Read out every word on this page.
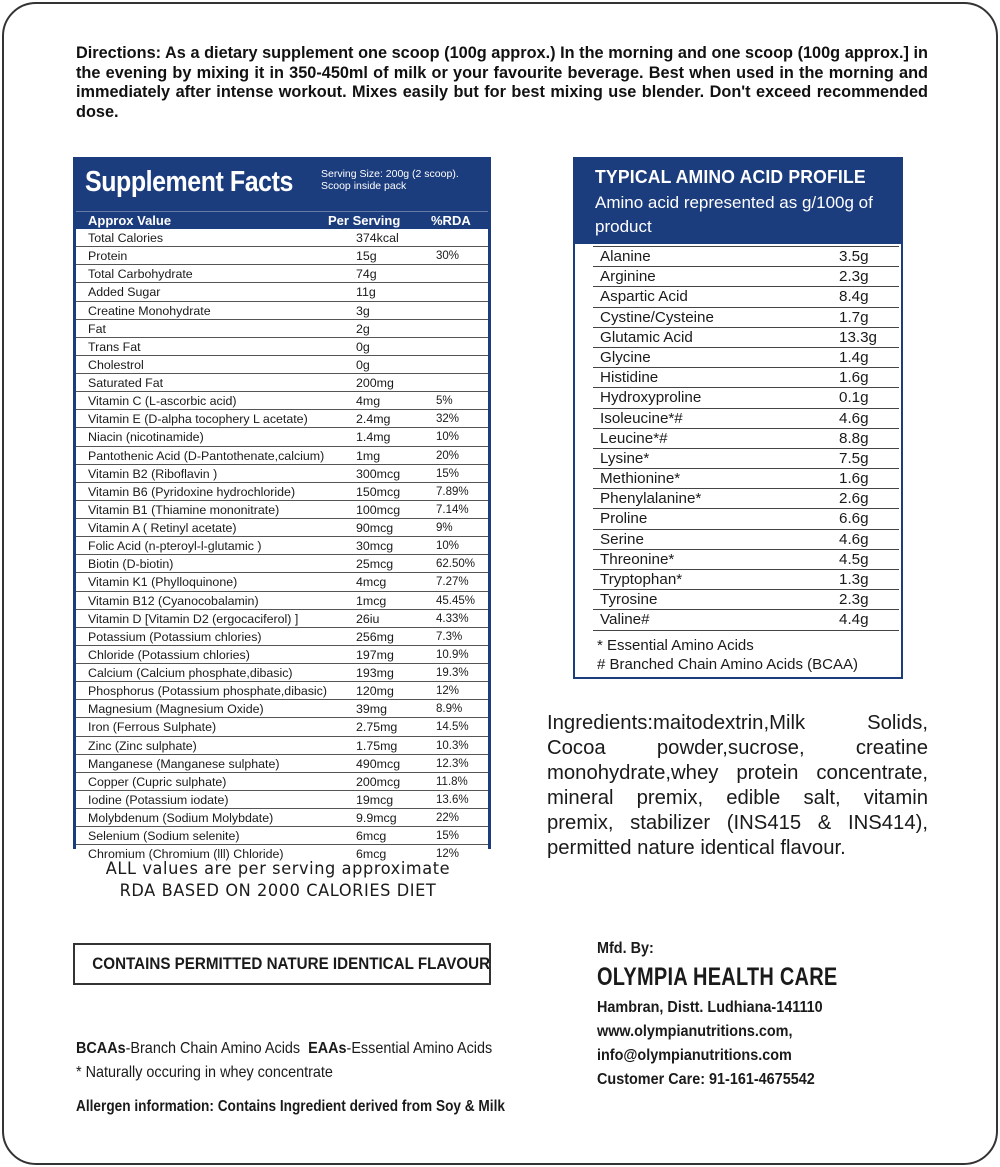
Directions: As a dietary supplement one scoop (100g approx.) In the morning and one scoop (100g approx.] in the evening by mixing it in 350-450ml of milk or your favourite beverage. Best when used in the morning and immediately after intense workout. Mixes easily but for best mixing use blender. Don't exceed recommended dose.

Supplement Facts	Serving Size: 200g (2 scoop).
Scoop inside pack
Approx Value	Per Serving %RDA
Total Calories	374kcal
Protein	15g	30%
Total Carbohydrate	74g
Added Sugar	11g
Creatine Monohydrate	3g
Fat	2g
Trans Fat	0g
Cholestrol	0g
Saturated Fat	200mg
Vitamin C (L-ascorbic acid)	4mg	5%
Vitamin E (D-alpha tocophery L acetate)	2.4mg	32%
Niacin (nicotinamide)	1.4mg	10%
Pantothenic Acid (D-Pantothenate,calcium)	1mg	20%
Vitamin B2 (Riboflavin )	300mcg	15%
Vitamin B6 (Pyridoxine hydrochloride)	150mcg	7.89%
Vitamin B1 (Thiamine mononitrate)	100mcg	7.14%
Vitamin A ( Retinyl acetate)	90mcg	9%
Folic Acid (n-pteroyl-l-glutamic )	30mcg	10%
Biotin (D-biotin)	25mcg	62.50%
Vitamin K1 (Phylloquinone)	4mcg	7.27%
Vitamin B12 (Cyanocobalamin)	1mcg	45.45%
Vitamin D [Vitamin D2 (ergocaciferol) ]	26iu	4.33%
Potassium (Potassium chlories)	256mg	7.3%
Chloride (Potassium chlories)	197mg	10.9%
Calcium (Calcium phosphate,dibasic)	193mg	19.3%
Phosphorus (Potassium phosphate,dibasic) 120mg	12%
Magnesium (Magnesium Oxide)	39mg	8.9%
Iron (Ferrous Sulphate)	2.75mg	14.5%
Zinc (Zinc sulphate)	1.75mg	10.3%
Manganese (Manganese sulphate)	490mcg	12.3%
Copper (Cupric sulphate)	200mcg	11.8%
Iodine (Potassium iodate)	19mcg	13.6%
Molybdenum (Sodium Molybdate)	9.9mcg	22%
Selenium (Sodium selenite)	6mcg	15%
Chromium (Chromium (lll) Chloride)	6mcg	12%
ALL values are per serving approximate
RDA BASED ON 2000 CALORIES DIET
TYPICAL AMINO ACID PROFILE
Amino acid represented as g/100g of product
Alanine	3.5g
Arginine	2.3g
Aspartic Acid	8.4g
Cystine/Cysteine	1.7g
Glutamic Acid	13.3g
Glycine	1.4g
Histidine	1.6g
Hydroxyproline	0.1g
Isoleucine*#	4.6g
Leucine*#	8.8g
Lysine*	7.5g
Methionine*	1.6g
Phenylalanine*	2.6g
Proline	6.6g
Serine	4.6g
Threonine*	4.5g
Tryptophan*	1.3g
Tyrosine	2.3g
Valine#	4.4g
* Essential Amino Acids
# Branched Chain Amino Acids (BCAA)

Ingredients:maitodextrin,Milk Solids, Cocoa powder,sucrose, creatine monohydrate,whey protein concentrate, mineral premix, edible salt, vitamin premix, stabilizer (INS415 & INS414), permitted nature identical flavour.

CONTAINS PERMITTED NATURE IDENTICAL FLAVOUR
BCAAs-Branch Chain Amino Acids EAAs-Essential Amino Acids
* Naturally occuring in whey concentrate
Allergen information: Contains Ingredient derived from Soy & Milk
Mfd. By:
OLYMPIA HEALTH CARE
Hambran, Distt. Ludhiana-141110
www.olympianutritions.com,
info@olympianutritions.com
Customer Care: 91-161-4675542
